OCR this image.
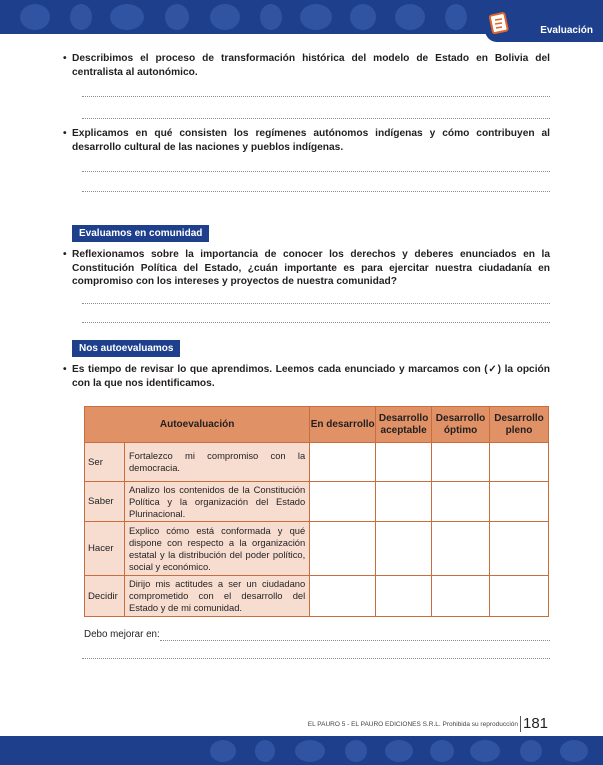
Evaluación
• Describimos el proceso de transformación histórica del modelo de Estado en Bolivia del centralista al autonómico.
• Explicamos en qué consisten los regímenes autónomos indígenas y cómo contribuyen al desarrollo cultural de las naciones y pueblos indígenas.
Evaluamos en comunidad
• Reflexionamos sobre la importancia de conocer los derechos y deberes enunciados en la Constitución Política del Estado, ¿cuán importante es para ejercitar nuestra ciudadanía en compromiso con los intereses y proyectos de nuestra comunidad?
Nos autoevaluamos
• Es tiempo de revisar lo que aprendimos. Leemos cada enunciado y marcamos con (✓) la opción con la que nos identificamos.
Autoevaluación		En desarrollo	Desarrollo aceptable	Desarrollo óptimo	Desarrollo pleno
Ser	Fortalezco mi compromiso con la democracia.				
Saber	Analizo los contenidos de la Constitución Política y la organización del Estado Plurinacional.				
Hacer	Explico cómo está conformada y qué dispone con respecto a la organización estatal y la distribución del poder político, social y económico.				
Decidir	Dirijo mis actitudes a ser un ciudadano comprometido con el desarrollo del Estado y de mi comunidad.				
Debo mejorar en:
EL PAURO 5 - EL PAURO EDICIONES S.R.L. Prohibida su reproducción 181
